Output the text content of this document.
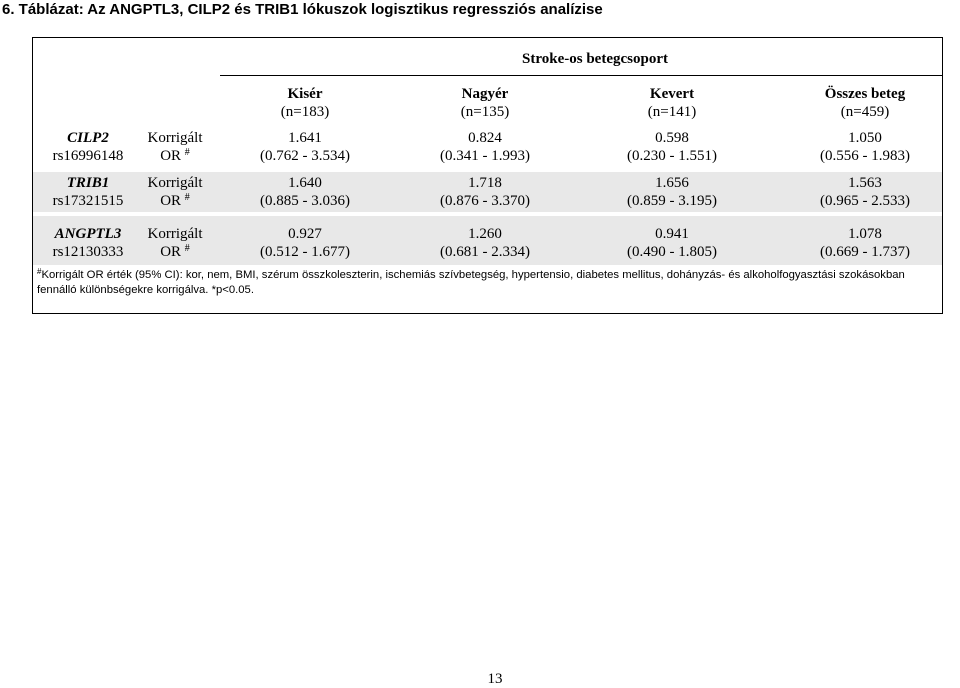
6. Táblázat: Az ANGPTL3, CILP2 és TRIB1 lókuszok logisztikus regressziós analízise
Stroke-os betegcsoport
Kisér
(n=183)
Nagyér
(n=135)
Kevert
(n=141)
Összes beteg
(n=459)
CILP2
rs16996148
Korrigált
OR #
1.641
(0.762 - 3.534)
0.824
(0.341 - 1.993)
0.598
(0.230 - 1.551)
1.050
(0.556 - 1.983)
TRIB1
rs17321515
Korrigált
OR #
1.640
(0.885 - 3.036)
1.718
(0.876 - 3.370)
1.656
(0.859 - 3.195)
1.563
(0.965 - 2.533)
ANGPTL3
rs12130333
Korrigált
OR #
0.927
(0.512 - 1.677)
1.260
(0.681 - 2.334)
0.941
(0.490 - 1.805)
1.078
(0.669 - 1.737)
#Korrigált OR érték (95% CI): kor, nem, BMI, szérum összkoleszterin, ischemiás szívbetegség, hypertensio, diabetes mellitus, dohányzás- és alkoholfogyasztási szokásokban
fennálló különbségekre korrigálva. *p<0.05.
13
